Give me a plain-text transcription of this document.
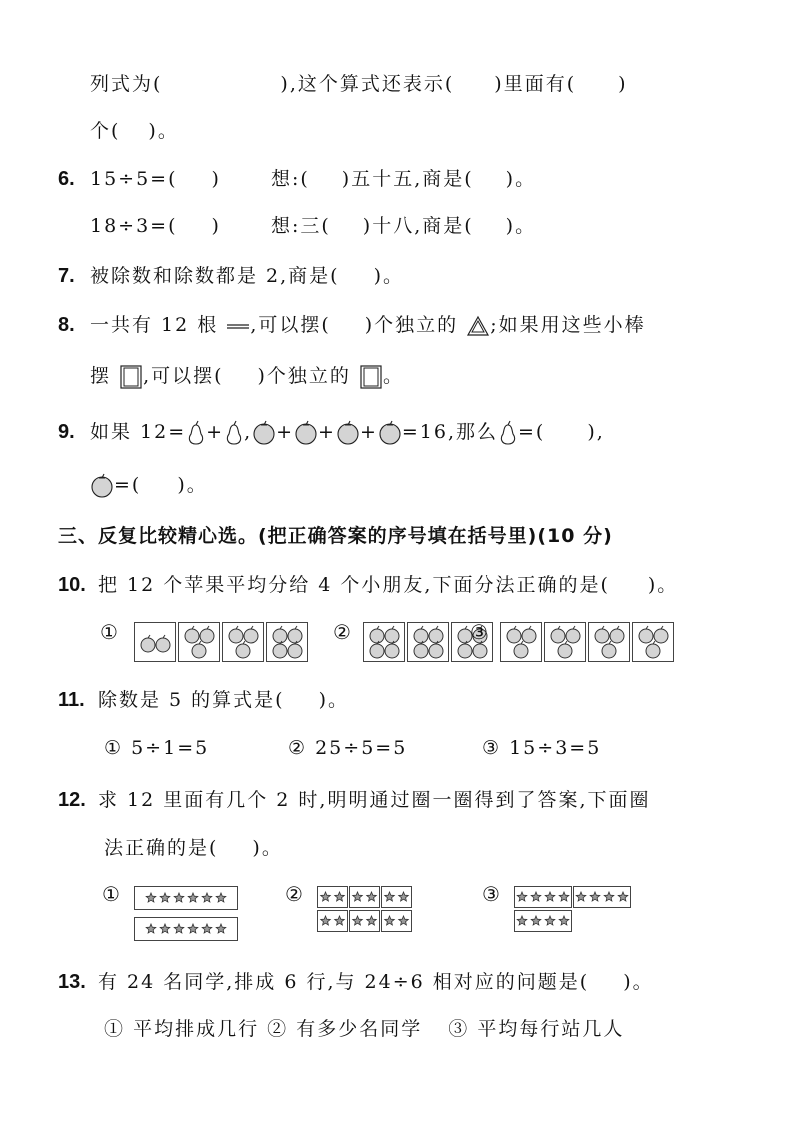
列式为(	),这个算式还表示( )里面有( )
个( )。
6. 15÷5=( )	想:( )五十五,商是( )。
18÷3=( )	想:三( )十八,商是( )。
7. 被除数和除数都是 2,商是( )。
8. 一共有 12 根 ,可以摆( )个独立的 ;如果用这些小棒
摆 ,可以摆( )个独立的 。
9. 如果 12= + , + + + =16,那么 =( ),
=( )。
三、反复比较精心选。(把正确答案的序号填在括号里)(10 分)
10. 把 12 个苹果平均分给 4 个小朋友,下面分法正确的是( )。
①	②	③
11. 除数是 5 的算式是( )。
① 5÷1=5	② 25÷5=5	③ 15÷3=5
12. 求 12 里面有几个 2 时,明明通过圈一圈得到了答案,下面圈
法正确的是( )。
①	②	③
13. 有 24 名同学,排成 6 行,与 24÷6 相对应的问题是( )。
① 平均排成几行 ② 有多少名同学 ③ 平均每行站几人
